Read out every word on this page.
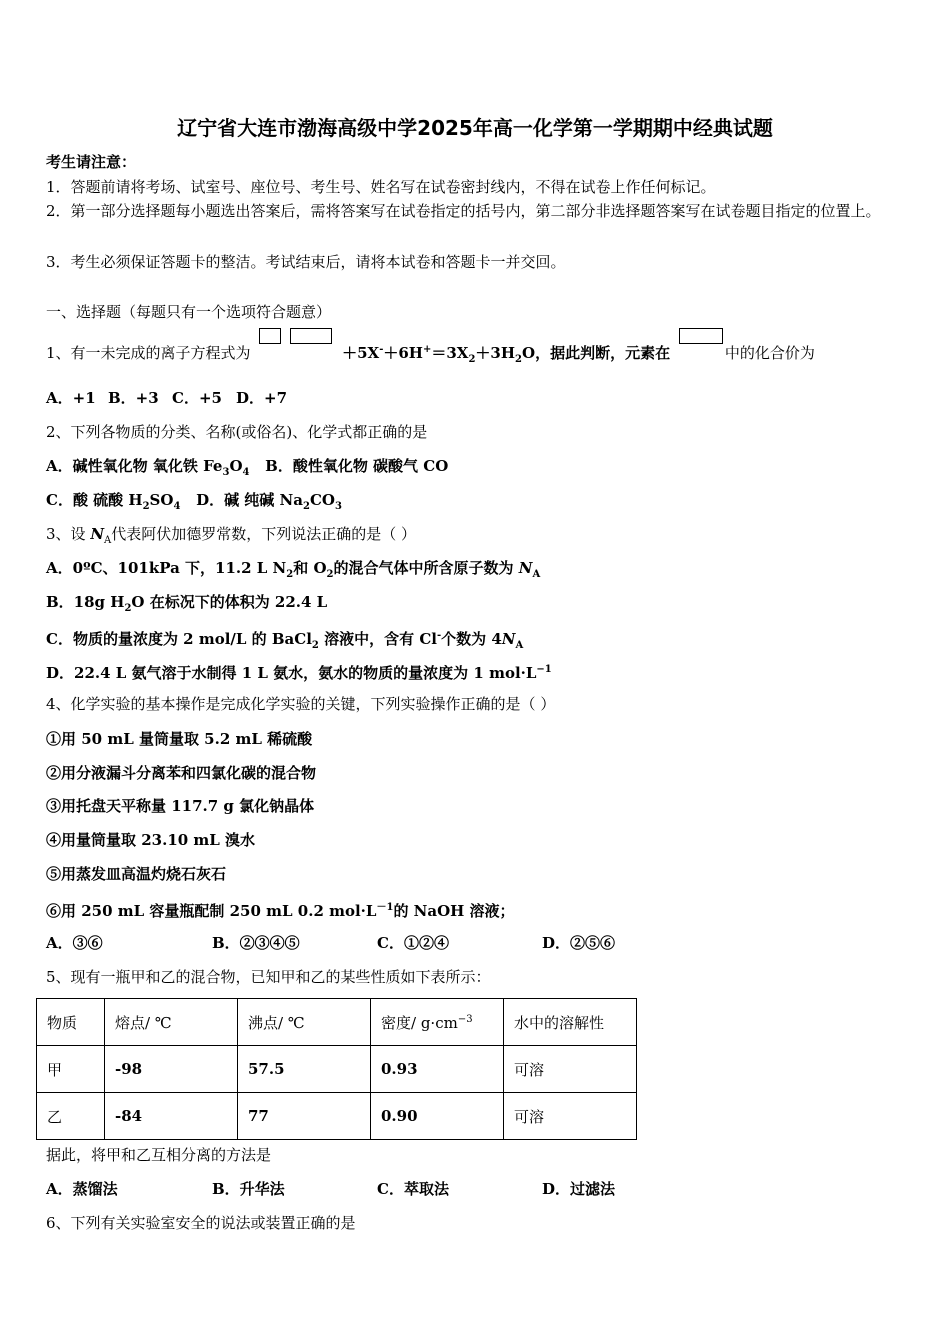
辽宁省大连市渤海高级中学2025年高一化学第一学期期中经典试题
考生请注意：
1．答题前请将考场、试室号、座位号、考生号、姓名写在试卷密封线内，不得在试卷上作任何标记。
2．第一部分选择题每小题选出答案后，需将答案写在试卷指定的括号内，第二部分非选择题答案写在试卷题目指定的位置上。
3．考生必须保证答题卡的整洁。考试结束后，请将本试卷和答题卡一并交回。
一、选择题（每题只有一个选项符合题意）
1、有一未完成的离子方程式为	$+5X^-+6H^+=3X_2+3H_2O$，据此判断，元素在	中的化合价为
A．+1 B．+3 C．+5 D．+7
2、下列各物质的分类、名称(或俗名)、化学式都正确的是
A．碱性氧化物 氧化铁 $Fe_3O_4$ B．酸性氧化物 碳酸气 CO
C．酸 硫酸 $H_2SO_4$ D．碱 纯碱 $Na_2CO_3$
3、设 $N_A$代表阿伏加德罗常数，下列说法正确的是（ ）
A．0ºC、101kPa 下，11.2 L $N_2$和 $O_2$的混合气体中所含原子数为 $N_A$
B．18g $H_2O$ 在标况下的体积为 22.4 L
C．物质的量浓度为 2 mol/L 的 BaCl$_2$ 溶液中，含有 Cl-个数为 $4N_A$
D．22.4 L 氨气溶于水制得 1 L 氨水，氨水的物质的量浓度为 1 $mol\cdot L^{-1}$
4、化学实验的基本操作是完成化学实验的关键，下列实验操作正确的是（ ）
①用 50 mL 量筒量取 5.2 mL 稀硫酸
②用分液漏斗分离苯和四氯化碳的混合物
③用托盘天平称量 117.7 g 氯化钠晶体
④用量筒量取 23.10 mL 溴水
⑤用蒸发皿高温灼烧石灰石
⑥用 250 mL 容量瓶配制 250 mL 0.2 $mol\cdot L^{-1}$的 NaOH 溶液；
A．③⑥	B．②③④⑤	C．①②④	D．②⑤⑥
5、现有一瓶甲和乙的混合物，已知甲和乙的某些性质如下表所示：
物质	熔点/ ℃	沸点/ ℃	密度/ $g\cdot cm^{-3}$	水中的溶解性
甲	-98	57.5	0.93	可溶
乙	-84	77	0.90	可溶
据此，将甲和乙互相分离的方法是
A．蒸馏法	B．升华法	C．萃取法	D．过滤法
6、下列有关实验室安全的说法或装置正确的是
